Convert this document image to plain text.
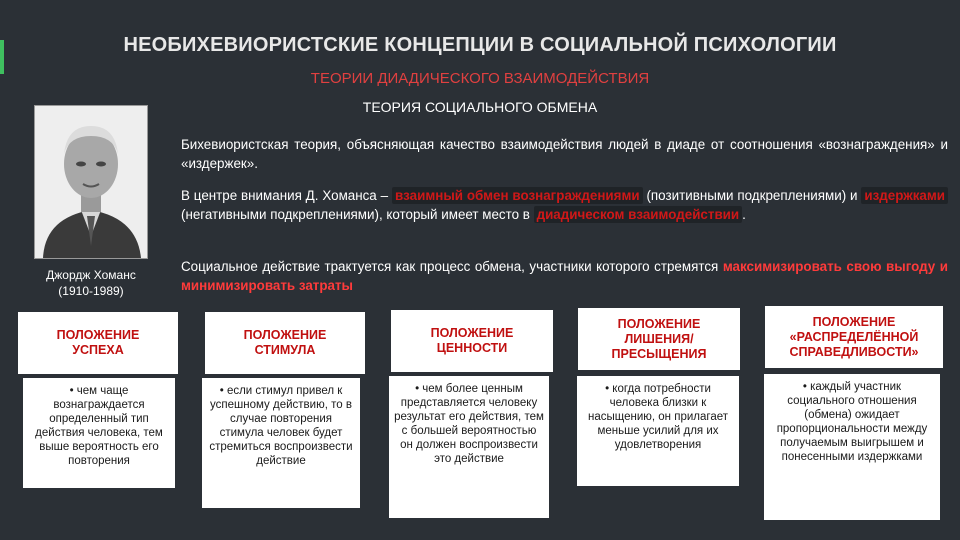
НЕОБИХЕВИОРИСТСКИЕ КОНЦЕПЦИИ В СОЦИАЛЬНОЙ ПСИХОЛОГИИ
ТЕОРИИ ДИАДИЧЕСКОГО ВЗАИМОДЕЙСТВИЯ
ТЕОРИЯ СОЦИАЛЬНОГО ОБМЕНА
Джордж Хоманс
(1910-1989)
Бихевиористская теория, объясняющая качество взаимодействия людей в диаде от соотношения «вознаграждения» и «издержек».
В центре внимания Д. Хоманса – взаимный обмен вознаграждениями (позитивными подкреплениями) и издержками (негативными подкреплениями), который имеет место в диадическом взаимодействии .
Социальное действие трактуется как процесс обмена, участники которого стремятся максимизировать свою выгоду и минимизировать затраты
ПОЛОЖЕНИЕ
УСПЕХА
ПОЛОЖЕНИЕ
СТИМУЛА
ПОЛОЖЕНИЕ
ЦЕННОСТИ
ПОЛОЖЕНИЕ
ЛИШЕНИЯ/
ПРЕСЫЩЕНИЯ
ПОЛОЖЕНИЕ
«РАСПРЕДЕЛЁННОЙ
СПРАВЕДЛИВОСТИ»
• чем чаще вознаграждается определенный тип действия человека, тем выше вероятность его повторения
• если стимул привел к успешному действию, то в случае повторения стимула человек будет стремиться воспроизвести действие
• чем более ценным представляется человеку результат его действия, тем с большей вероятностью он должен воспроизвести это действие
• когда потребности человека близки к насыщению, он прилагает меньше усилий для их удовлетворения
• каждый участник социального отношения (обмена) ожидает пропорциональности между получаемым выигрышем и понесенными издержками
